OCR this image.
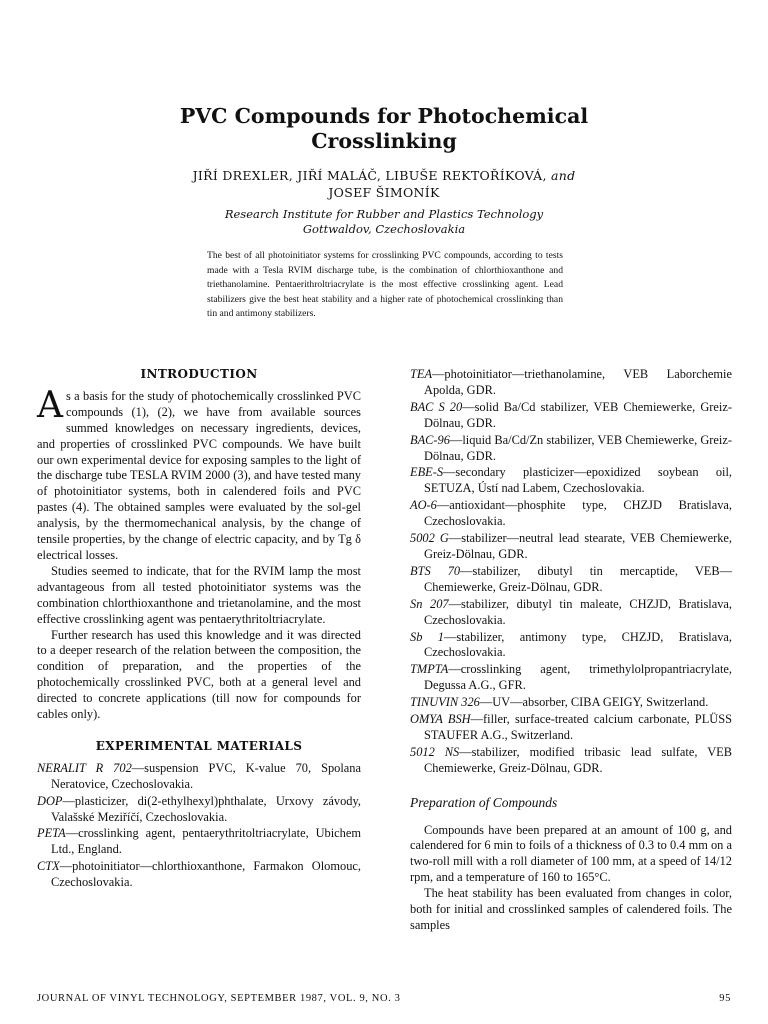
PVC Compounds for Photochemical Crosslinking
JIŘÍ DREXLER, JIŘÍ MALÁČ, LIBUŠE REKTOŘÍKOVÁ, and
JOSEF ŠIMONÍK
Research Institute for Rubber and Plastics Technology
Gottwaldov, Czechoslovakia

The best of all photoinitiator systems for crosslinking PVC compounds, according to tests made with a Tesla RVIM discharge tube, is the combination of chlorthioxanthone and triethanolamine. Pentaerithroltriacrylate is the most effective crosslinking agent. Lead stabilizers give the best heat stability and a higher rate of photochemical crosslinking than tin and antimony stabilizers.

INTRODUCTION

As a basis for the study of photochemically crosslinked PVC compounds (1), (2), we have from available sources summed knowledges on necessary ingredients, devices, and properties of crosslinked PVC compounds. We have built our own experimental device for exposing samples to the light of the discharge tube TESLA RVIM 2000 (3), and have tested many of photoinitiator systems, both in calendered foils and PVC pastes (4). The obtained samples were evaluated by the sol-gel analysis, by the thermomechanical analysis, by the change of tensile properties, by the change of electric capacity, and by Tg δ electrical losses.

Studies seemed to indicate, that for the RVIM lamp the most advantageous from all tested photoinitiator systems was the combination chlorthioxanthone and trietanolamine, and the most effective crosslinking agent was pentaerythritoltriacrylate.

Further research has used this knowledge and it was directed to a deeper research of the relation between the composition, the condition of preparation, and the properties of the photochemically crosslinked PVC, both at a general level and directed to concrete applications (till now for compounds for cables only).

EXPERIMENTAL MATERIALS
NERALIT R 702—suspension PVC, K-value 70, Spolana Neratovice, Czechoslovakia.
DOP—plasticizer, di(2-ethylhexyl)phthalate, Urxovy závody, Valašské Meziříčí, Czechoslovakia.
PETA—crosslinking agent, pentaerythritoltriacrylate, Ubichem Ltd., England.
CTX—photoinitiator—chlorthioxanthone, Farmakon Olomouc, Czechoslovakia.
TEA—photoinitiator—triethanolamine, VEB Laborchemie Apolda, GDR.
BAC S 20—solid Ba/Cd stabilizer, VEB Chemiewerke, Greiz-Dölnau, GDR.
BAC-96—liquid Ba/Cd/Zn stabilizer, VEB Chemiewerke, Greiz-Dölnau, GDR.
EBE-S—secondary plasticizer—epoxidized soybean oil, SETUZA, Ústí nad Labem, Czechoslovakia.
AO-6—antioxidant—phosphite type, CHZJD Bratislava, Czechoslovakia.
5002 G—stabilizer—neutral lead stearate, VEB Chemiewerke, Greiz-Dölnau, GDR.
BTS 70—stabilizer, dibutyl tin mercaptide, VEB—Chemiewerke, Greiz-Dölnau, GDR.
Sn 207—stabilizer, dibutyl tin maleate, CHZJD, Bratislava, Czechoslovakia.
Sb 1—stabilizer, antimony type, CHZJD, Bratislava, Czechoslovakia.
TMPTA—crosslinking agent, trimethylolpropantriacrylate, Degussa A.G., GFR.
TINUVIN 326—UV—absorber, CIBA GEIGY, Switzerland.
OMYA BSH—filler, surface-treated calcium carbonate, PLÜSS STAUFER A.G., Switzerland.
5012 NS—stabilizer, modified tribasic lead sulfate, VEB Chemiewerke, Greiz-Dölnau, GDR.
Preparation of Compounds

Compounds have been prepared at an amount of 100 g, and calendered for 6 min to foils of a thickness of 0.3 to 0.4 mm on a two-roll mill with a roll diameter of 100 mm, at a speed of 14/12 rpm, and a temperature of 160 to 165°C.

The heat stability has been evaluated from changes in color, both for initial and crosslinked samples of calendered foils. The samples

JOURNAL OF VINYL TECHNOLOGY, SEPTEMBER 1987, VOL. 9, NO. 3	95
